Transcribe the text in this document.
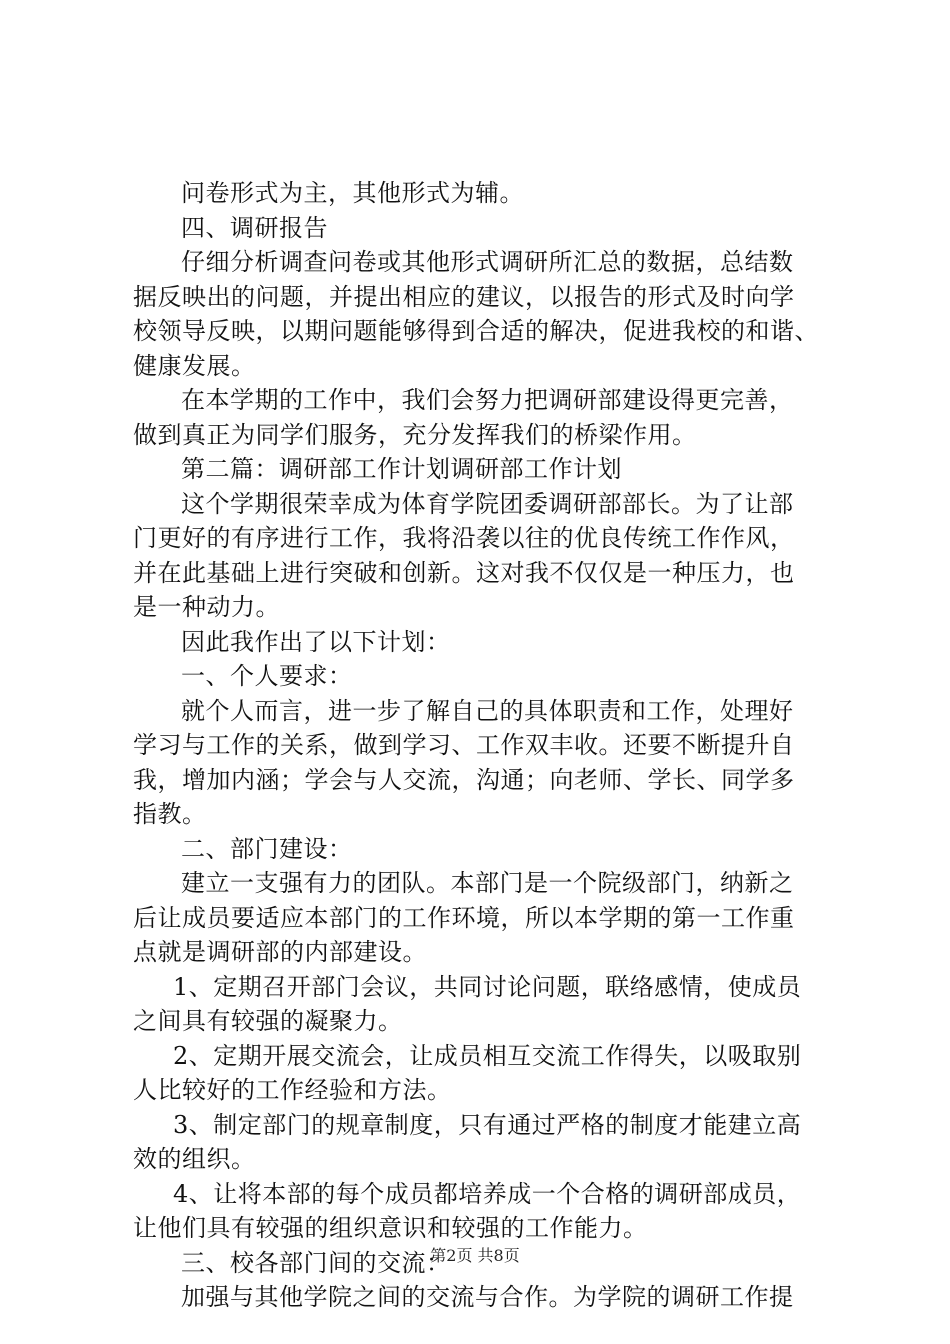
问卷形式为主，其他形式为辅。
四、调研报告
仔细分析调查问卷或其他形式调研所汇总的数据，总结数
据反映出的问题，并提出相应的建议，以报告的形式及时向学
校领导反映，以期问题能够得到合适的解决，促进我校的和谐、
健康发展。
在本学期的工作中，我们会努力把调研部建设得更完善，
做到真正为同学们服务，充分发挥我们的桥梁作用。
第二篇：调研部工作计划调研部工作计划
这个学期很荣幸成为体育学院团委调研部部长。为了让部
门更好的有序进行工作，我将沿袭以往的优良传统工作作风，
并在此基础上进行突破和创新。这对我不仅仅是一种压力，也
是一种动力。
因此我作出了以下计划：
一、个人要求：
就个人而言，进一步了解自己的具体职责和工作，处理好
学习与工作的关系，做到学习、工作双丰收。还要不断提升自
我，增加内涵；学会与人交流，沟通；向老师、学长、同学多
指教。
二、部门建设：
建立一支强有力的团队。本部门是一个院级部门，纳新之
后让成员要适应本部门的工作环境，所以本学期的第一工作重
点就是调研部的内部建设。
1、定期召开部门会议，共同讨论问题，联络感情，使成员
之间具有较强的凝聚力。
2、定期开展交流会，让成员相互交流工作得失，以吸取别
人比较好的工作经验和方法。
3、制定部门的规章制度，只有通过严格的制度才能建立高
效的组织。
4、让将本部的每个成员都培养成一个合格的调研部成员，
让他们具有较强的组织意识和较强的工作能力。
三、校各部门间的交流：
加强与其他学院之间的交流与合作。为学院的调研工作提
第2页 共8页
